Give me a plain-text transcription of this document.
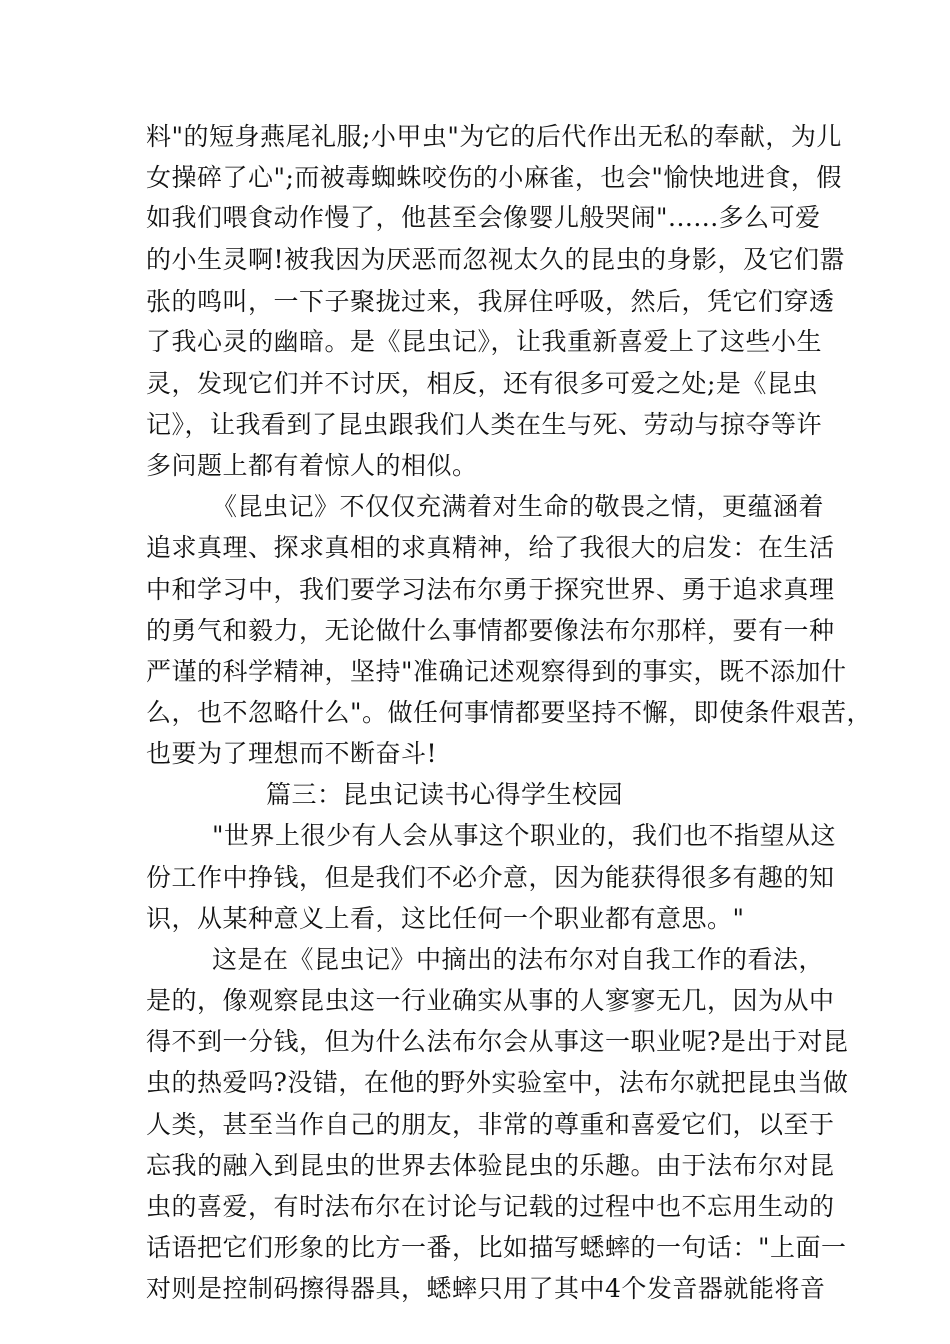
料"的短身燕尾礼服;小甲虫"为它的后代作出无私的奉献，为儿
女操碎了心";而被毒蜘蛛咬伤的小麻雀，也会"愉快地进食，假
如我们喂食动作慢了，他甚至会像婴儿般哭闹"......多么可爱
的小生灵啊!被我因为厌恶而忽视太久的昆虫的身影，及它们嚣
张的鸣叫，一下子聚拢过来，我屏住呼吸，然后，凭它们穿透
了我心灵的幽暗。是《昆虫记》，让我重新喜爱上了这些小生
灵，发现它们并不讨厌，相反，还有很多可爱之处;是《昆虫
记》，让我看到了昆虫跟我们人类在生与死、劳动与掠夺等许
多问题上都有着惊人的相似。
《昆虫记》不仅仅充满着对生命的敬畏之情，更蕴涵着
追求真理、探求真相的求真精神，给了我很大的启发：在生活
中和学习中，我们要学习法布尔勇于探究世界、勇于追求真理
的勇气和毅力，无论做什么事情都要像法布尔那样，要有一种
严谨的科学精神，坚持"准确记述观察得到的事实，既不添加什
么，也不忽略什么"。做任何事情都要坚持不懈，即使条件艰苦，
也要为了理想而不断奋斗!
篇三：昆虫记读书心得学生校园
"世界上很少有人会从事这个职业的，我们也不指望从这
份工作中挣钱，但是我们不必介意，因为能获得很多有趣的知
识，从某种意义上看，这比任何一个职业都有意思。"
这是在《昆虫记》中摘出的法布尔对自我工作的看法，
是的，像观察昆虫这一行业确实从事的人寥寥无几，因为从中
得不到一分钱，但为什么法布尔会从事这一职业呢?是出于对昆
虫的热爱吗?没错，在他的野外实验室中，法布尔就把昆虫当做
人类，甚至当作自己的朋友，非常的尊重和喜爱它们，以至于
忘我的融入到昆虫的世界去体验昆虫的乐趣。由于法布尔对昆
虫的喜爱，有时法布尔在讨论与记载的过程中也不忘用生动的
话语把它们形象的比方一番，比如描写蟋蟀的一句话："上面一
对则是控制码擦得器具，蟋蟀只用了其中4个发音器就能将音
